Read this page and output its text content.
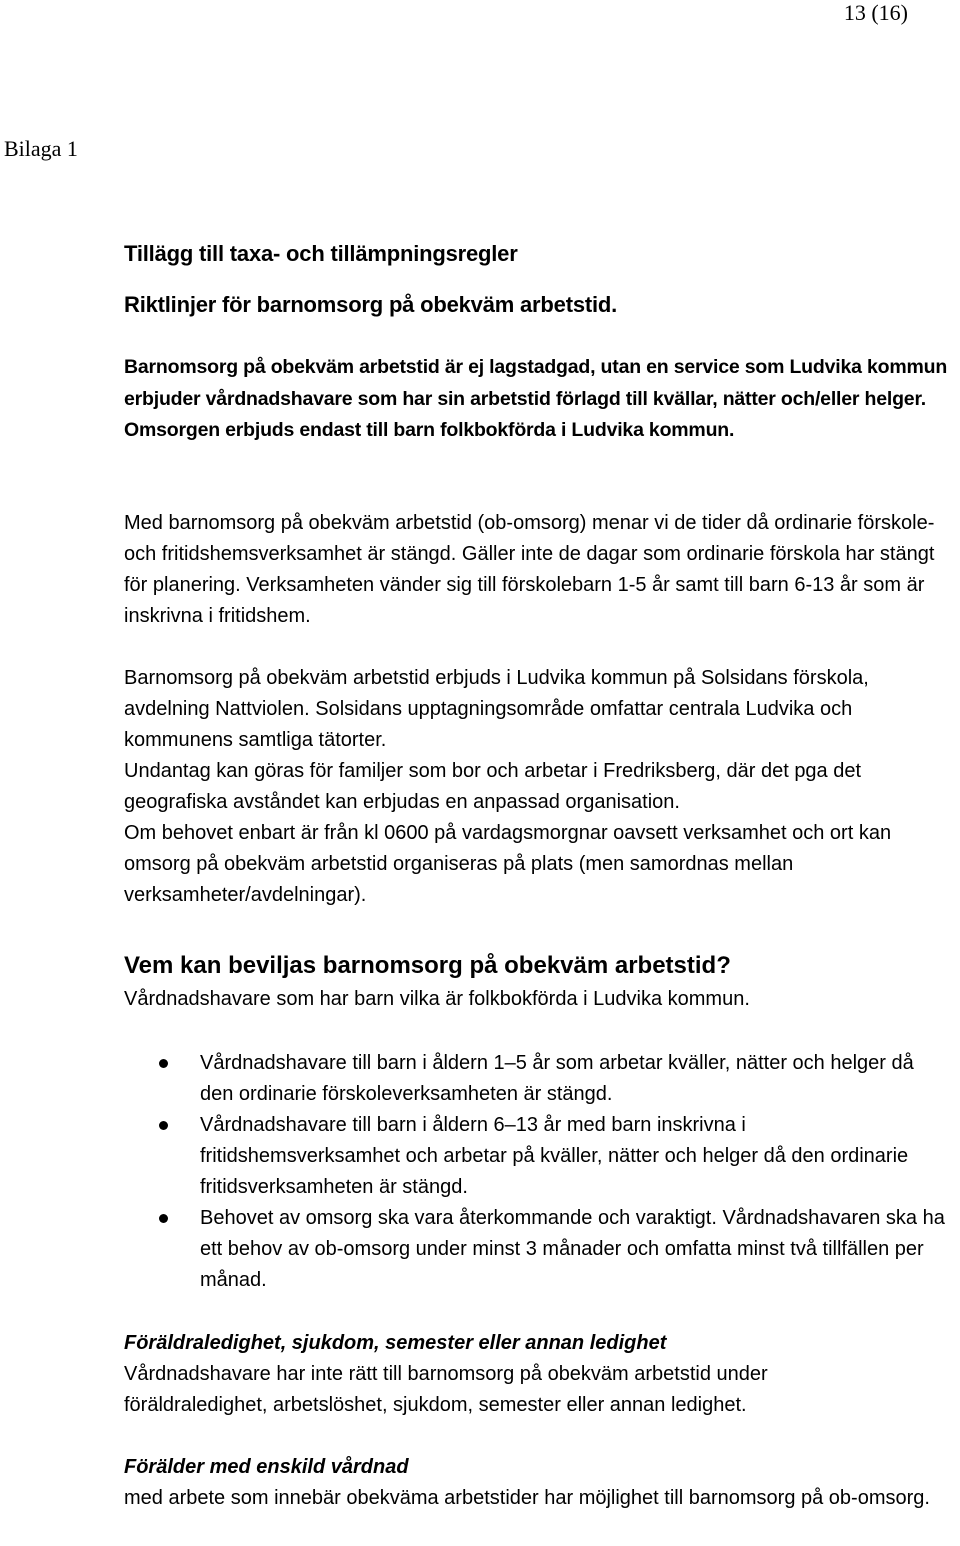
13 (16)
Bilaga 1
Tillägg till taxa- och tillämpningsregler
Riktlinjer för barnomsorg på obekväm arbetstid.

Barnomsorg på obekväm arbetstid är ej lagstadgad, utan en service som Ludvika kommun erbjuder vårdnadshavare som har sin arbetstid förlagd till kvällar, nätter och/eller helger. Omsorgen erbjuds endast till barn folkbokförda i Ludvika kommun.

Med barnomsorg på obekväm arbetstid (ob-omsorg) menar vi de tider då ordinarie förskole- och fritidshemsverksamhet är stängd. Gäller inte de dagar som ordinarie förskola har stängt för planering. Verksamheten vänder sig till förskolebarn 1-5 år samt till barn 6-13 år som är inskrivna i fritidshem.

Barnomsorg på obekväm arbetstid erbjuds i Ludvika kommun på Solsidans förskola, avdelning Nattviolen. Solsidans upptagningsområde omfattar centrala Ludvika och kommunens samtliga tätorter.

Undantag kan göras för familjer som bor och arbetar i Fredriksberg, där det pga det geografiska avståndet kan erbjudas en anpassad organisation.

Om behovet enbart är från kl 0600 på vardagsmorgnar oavsett verksamhet och ort kan omsorg på obekväm arbetstid organiseras på plats (men samordnas mellan verksamheter/avdelningar).

Vem kan beviljas barnomsorg på obekväm arbetstid?

Vårdnadshavare som har barn vilka är folkbokförda i Ludvika kommun.

Vårdnadshavare till barn i åldern 1–5 år som arbetar kväller, nätter och helger då den ordinarie förskoleverksamheten är stängd.
Vårdnadshavare till barn i åldern 6–13 år med barn inskrivna i fritidshemsverksamhet och arbetar på kväller, nätter och helger då den ordinarie fritidsverksamheten är stängd.
Behovet av omsorg ska vara återkommande och varaktigt. Vårdnadshavaren ska ha ett behov av ob-omsorg under minst 3 månader och omfatta minst två tillfällen per månad.
Föräldraledighet, sjukdom, semester eller annan ledighet

Vårdnadshavare har inte rätt till barnomsorg på obekväm arbetstid under föräldraledighet, arbetslöshet, sjukdom, semester eller annan ledighet.

Förälder med enskild vårdnad

med arbete som innebär obekväma arbetstider har möjlighet till barnomsorg på ob-omsorg.
